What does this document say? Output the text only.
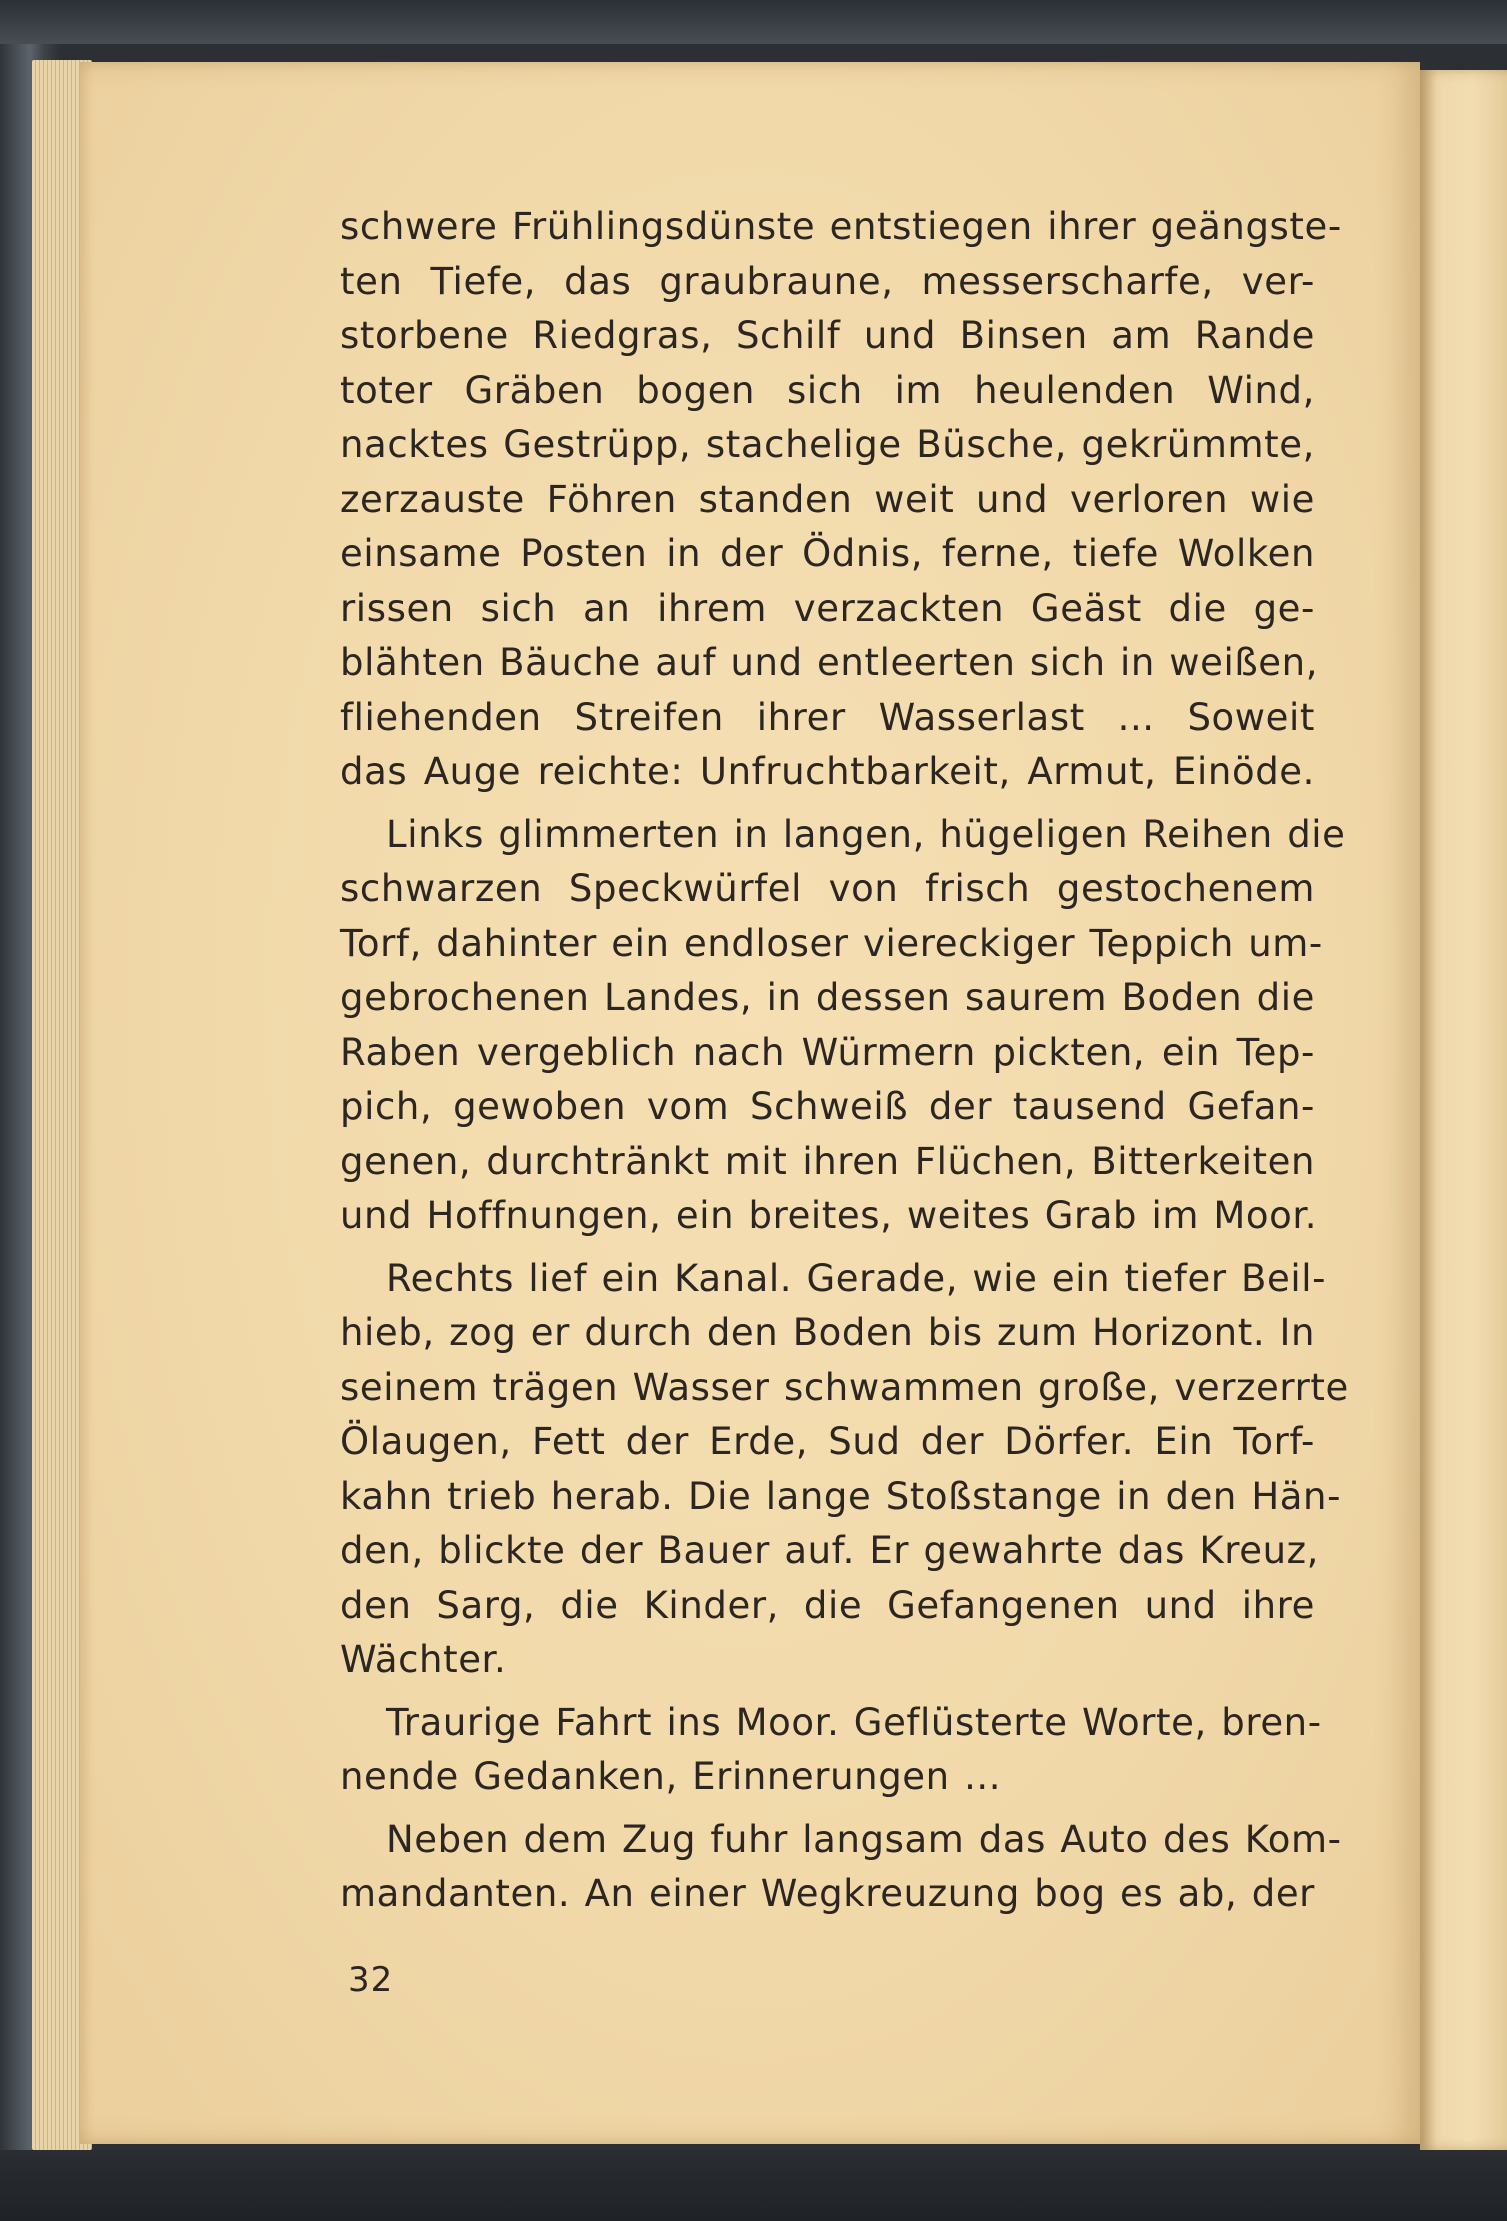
schwere Frühlingsdünste entstiegen ihrer geängste-
ten Tiefe, das graubraune, messerscharfe, ver-
storbene Riedgras, Schilf und Binsen am Rande
toter Gräben bogen sich im heulenden Wind,
nacktes Gestrüpp, stachelige Büsche, gekrümmte,
zerzauste Föhren standen weit und verloren wie
einsame Posten in der Ödnis, ferne, tiefe Wolken
rissen sich an ihrem verzackten Geäst die ge-
blähten Bäuche auf und entleerten sich in weißen,
fliehenden Streifen ihrer Wasserlast ... Soweit
das Auge reichte: Unfruchtbarkeit, Armut, Einöde.

Links glimmerten in langen, hügeligen Reihen die
schwarzen Speckwürfel von frisch gestochenem
Torf, dahinter ein endloser viereckiger Teppich um-
gebrochenen Landes, in dessen saurem Boden die
Raben vergeblich nach Würmern pickten, ein Tep-
pich, gewoben vom Schweiß der tausend Gefan-
genen, durchtränkt mit ihren Flüchen, Bitterkeiten
und Hoffnungen, ein breites, weites Grab im Moor.

Rechts lief ein Kanal. Gerade, wie ein tiefer Beil-
hieb, zog er durch den Boden bis zum Horizont. In
seinem trägen Wasser schwammen große, verzerrte
Ölaugen, Fett der Erde, Sud der Dörfer. Ein Torf-
kahn trieb herab. Die lange Stoßstange in den Hän-
den, blickte der Bauer auf. Er gewahrte das Kreuz,
den Sarg, die Kinder, die Gefangenen und ihre
Wächter.

Traurige Fahrt ins Moor. Geflüsterte Worte, bren-
nende Gedanken, Erinnerungen ...

Neben dem Zug fuhr langsam das Auto des Kom-
mandanten. An einer Wegkreuzung bog es ab, der

32
